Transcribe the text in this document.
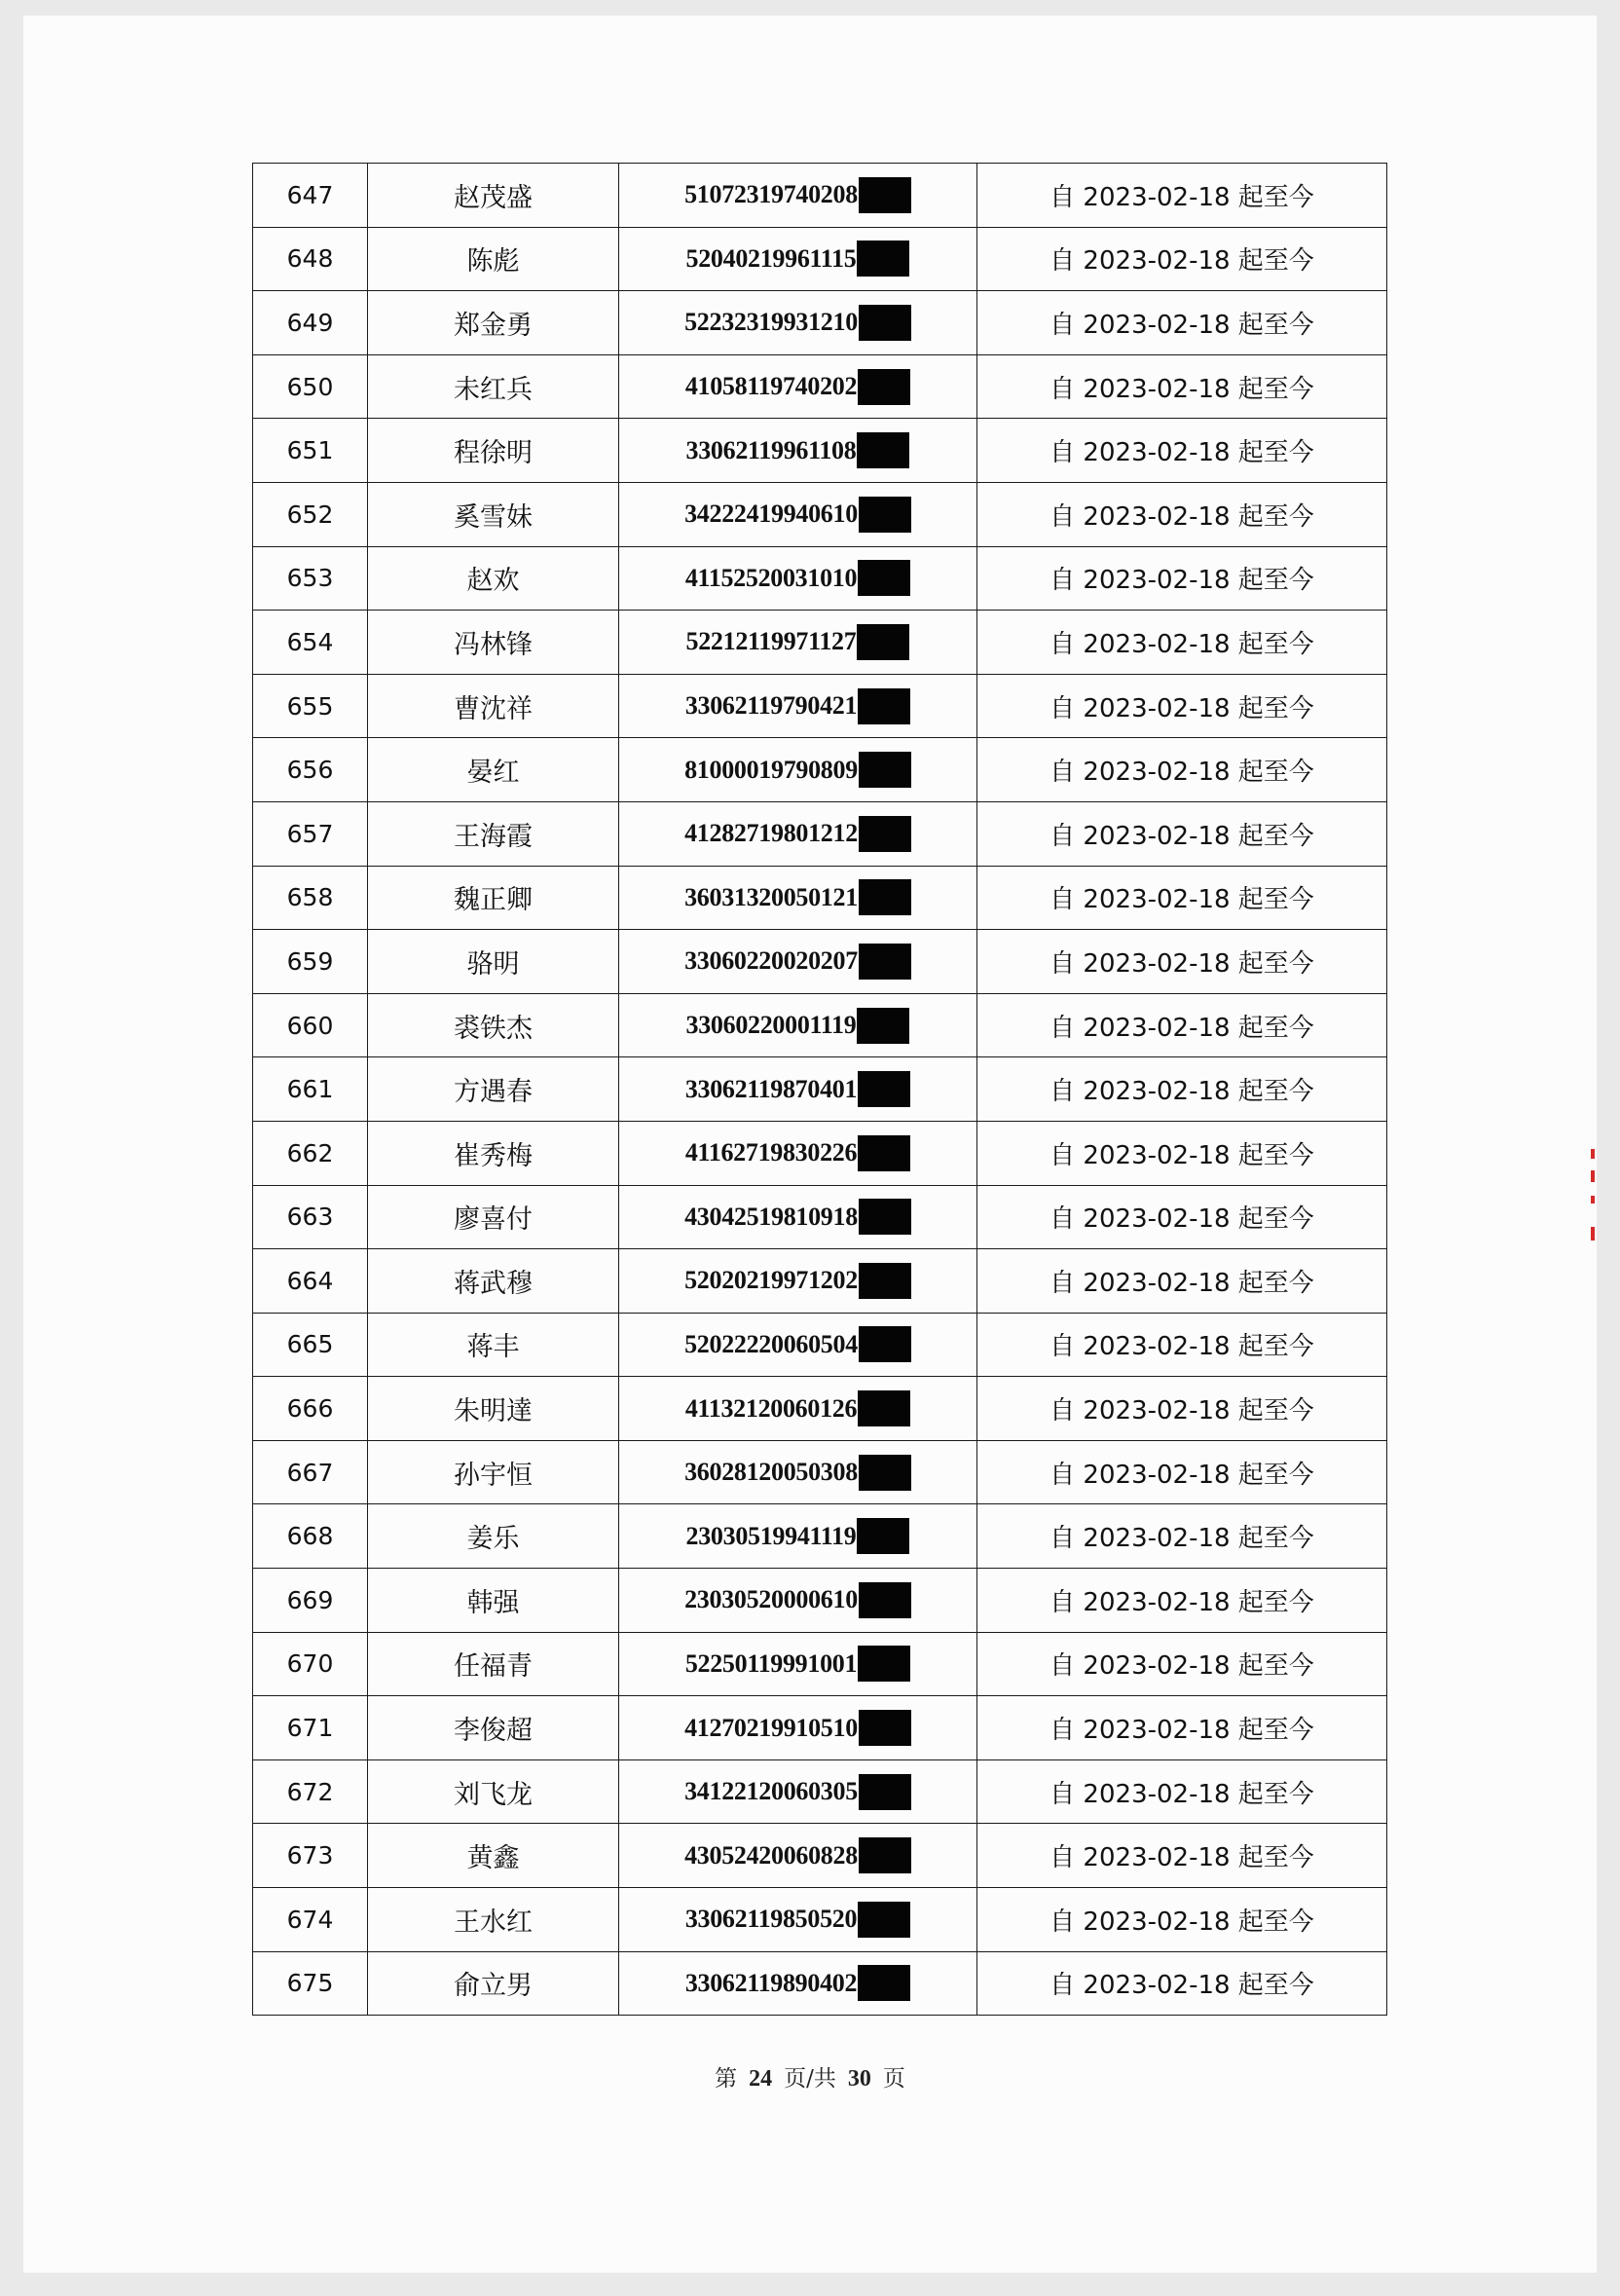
647	赵茂盛	51072319740208	自 2023-02-18 起至今
648	陈彪	52040219961115	自 2023-02-18 起至今
649	郑金勇	52232319931210	自 2023-02-18 起至今
650	未红兵	41058119740202	自 2023-02-18 起至今
651	程徐明	33062119961108	自 2023-02-18 起至今
652	奚雪妹	34222419940610	自 2023-02-18 起至今
653	赵欢	41152520031010	自 2023-02-18 起至今
654	冯林锋	52212119971127	自 2023-02-18 起至今
655	曹沈祥	33062119790421	自 2023-02-18 起至今
656	晏红	81000019790809	自 2023-02-18 起至今
657	王海霞	41282719801212	自 2023-02-18 起至今
658	魏正卿	36031320050121	自 2023-02-18 起至今
659	骆明	33060220020207	自 2023-02-18 起至今
660	裘铁杰	33060220001119	自 2023-02-18 起至今
661	方遇春	33062119870401	自 2023-02-18 起至今
662	崔秀梅	41162719830226	自 2023-02-18 起至今
663	廖喜付	43042519810918	自 2023-02-18 起至今
664	蒋武穆	52020219971202	自 2023-02-18 起至今
665	蒋丰	52022220060504	自 2023-02-18 起至今
666	朱明達	41132120060126	自 2023-02-18 起至今
667	孙宇恒	36028120050308	自 2023-02-18 起至今
668	姜乐	23030519941119	自 2023-02-18 起至今
669	韩强	23030520000610	自 2023-02-18 起至今
670	任福青	52250119991001	自 2023-02-18 起至今
671	李俊超	41270219910510	自 2023-02-18 起至今
672	刘飞龙	34122120060305	自 2023-02-18 起至今
673	黄鑫	43052420060828	自 2023-02-18 起至今
674	王水红	33062119850520	自 2023-02-18 起至今
675	俞立男	33062119890402	自 2023-02-18 起至今
第 24 页/共 30 页
